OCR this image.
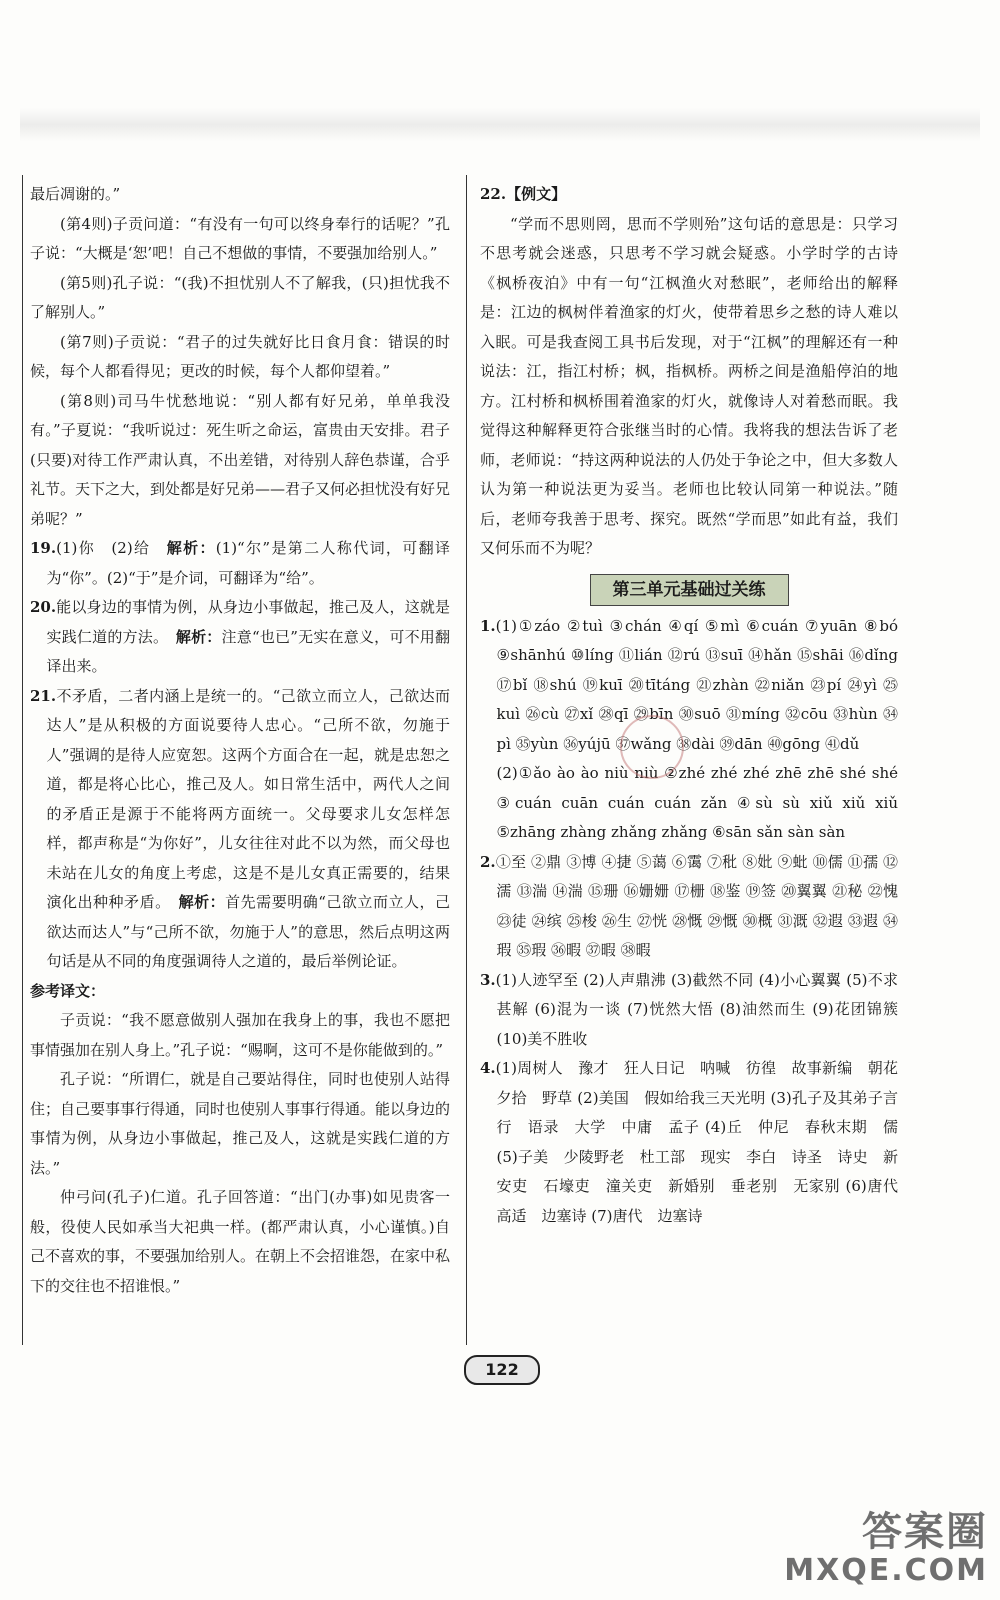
最后凋谢的。”
(第4则)子贡问道：“有没有一句可以终身奉行的话呢？”孔子说：“大概是‘恕’吧！自己不想做的事情，不要强加给别人。”
(第5则)孔子说：“(我)不担忧别人不了解我，(只)担忧我不了解别人。”
(第7则)子贡说：“君子的过失就好比日食月食：错误的时候，每个人都看得见；更改的时候，每个人都仰望着。”
(第8则)司马牛忧愁地说：“别人都有好兄弟，单单我没有。”子夏说：“我听说过：死生听之命运，富贵由天安排。君子(只要)对待工作严肃认真，不出差错，对待别人辞色恭谨，合乎礼节。天下之大，到处都是好兄弟——君子又何必担忧没有好兄弟呢？”
19.(1)你　(2)给　解析：(1)“尔”是第二人称代词，可翻译为“你”。(2)“于”是介词，可翻译为“给”。
20.能以身边的事情为例，从身边小事做起，推己及人，这就是实践仁道的方法。　解析：注意“也已”无实在意义，可不用翻译出来。
21.不矛盾，二者内涵上是统一的。“己欲立而立人，己欲达而达人”是从积极的方面说要待人忠心。“己所不欲，勿施于人”强调的是待人应宽恕。这两个方面合在一起，就是忠恕之道，都是将心比心，推己及人。如日常生活中，两代人之间的矛盾正是源于不能将两方面统一。父母要求儿女怎样怎样，都声称是“为你好”，儿女往往对此不以为然，而父母也未站在儿女的角度上考虑，这是不是儿女真正需要的，结果演化出种种矛盾。　解析：首先需要明确“己欲立而立人，己欲达而达人”与“己所不欲，勿施于人”的意思，然后点明这两句话是从不同的角度强调待人之道的，最后举例论证。
参考译文：
子贡说：“我不愿意做别人强加在我身上的事，我也不愿把事情强加在别人身上。”孔子说：“赐啊，这可不是你能做到的。”
孔子说：“所谓仁，就是自己要站得住，同时也使别人站得住；自己要事事行得通，同时也使别人事事行得通。能以身边的事情为例，从身边小事做起，推己及人，这就是实践仁道的方法。”
仲弓问(孔子)仁道。孔子回答道：“出门(办事)如见贵客一般，役使人民如承当大祀典一样。(都严肃认真，小心谨慎。)自己不喜欢的事，不要强加给别人。在朝上不会招谁怨，在家中私下的交往也不招谁恨。”
22.【例文】
“学而不思则罔，思而不学则殆”这句话的意思是：只学习不思考就会迷惑，只思考不学习就会疑惑。小学时学的古诗《枫桥夜泊》中有一句“江枫渔火对愁眠”，老师给出的解释是：江边的枫树伴着渔家的灯火，使带着思乡之愁的诗人难以入眠。可是我查阅工具书后发现，对于“江枫”的理解还有一种说法：江，指江村桥；枫，指枫桥。两桥之间是渔船停泊的地方。江村桥和枫桥围着渔家的灯火，就像诗人对着愁而眠。我觉得这种解释更符合张继当时的心情。我将我的想法告诉了老师，老师说：“持这两种说法的人仍处于争论之中，但大多数人认为第一种说法更为妥当。老师也比较认同第一种说法。”随后，老师夸我善于思考、探究。既然“学而思”如此有益，我们又何乐而不为呢？
第三单元基础过关练
1.(1)①záo ②tuì ③chán ④qí ⑤mì ⑥cuán ⑦yuān ⑧bó ⑨shānhú ⑩líng ⑪lián ⑫rú ⑬suī ⑭hǎn ⑮shāi ⑯dǐng ⑰bǐ ⑱shú ⑲kuī ⑳tītáng ㉑zhàn ㉒niǎn ㉓pí ㉔yì ㉕kuì ㉖cù ㉗xǐ ㉘qī ㉙bīn ㉚suō ㉛míng ㉜cōu ㉝hùn ㉞pì ㉟yùn ㊱yújū ㊲wǎng ㊳dài ㊴dān ㊵gōng ㊶dǔ
(2)①ǎo ào ào niù niù ②zhé zhé zhé zhē zhē shé shé ③cuán cuān cuán cuán zǎn ④sù sù xiǔ xiǔ xiǔ ⑤zhāng zhàng zhǎng zhǎng ⑥sān sǎn sàn sàn
2.①至 ②鼎 ③博 ④捷 ⑤蔼 ⑥霭 ⑦秕 ⑧妣 ⑨蚍 ⑩儒 ⑪孺 ⑫濡 ⑬湍 ⑭湍 ⑮珊 ⑯姗姗 ⑰栅 ⑱鉴 ⑲签 ⑳翼翼 ㉑秘 ㉒愧 ㉓徒 ㉔缤 ㉕梭 ㉖生 ㉗恍 ㉘慨 ㉙慨 ㉚概 ㉛溉 ㉜遐 ㉝遐 ㉞瑕 ㉟瑕 ㊱暇 ㊲暇 ㊳暇
3.(1)人迹罕至 (2)人声鼎沸 (3)截然不同 (4)小心翼翼 (5)不求甚解 (6)混为一谈 (7)恍然大悟 (8)油然而生 (9)花团锦簇 (10)美不胜收
4.(1)周树人　豫才　狂人日记　呐喊　彷徨　故事新编　朝花夕拾　野草 (2)美国　假如给我三天光明 (3)孔子及其弟子言行　语录　大学　中庸　孟子 (4)丘　仲尼　春秋末期　儒 (5)子美　少陵野老　杜工部　现实　李白　诗圣　诗史　新安吏　石壕吏　潼关吏　新婚别　垂老别　无家别 (6)唐代　高适　边塞诗 (7)唐代　边塞诗
122
答案圈
MXQE.COM
